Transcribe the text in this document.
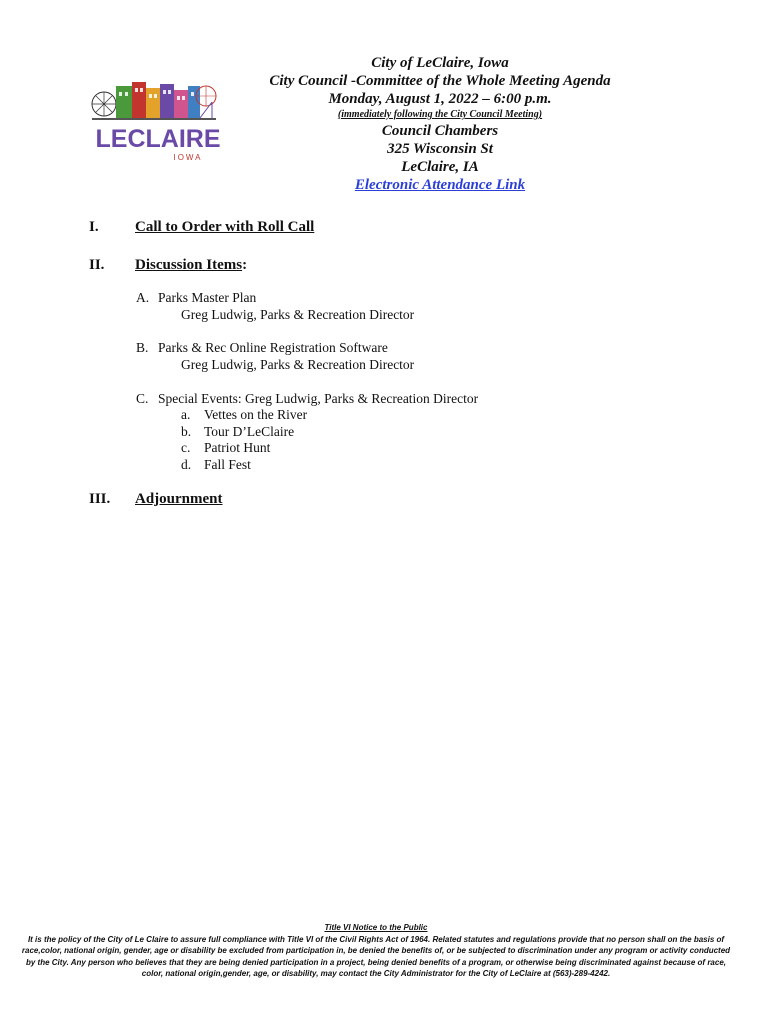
LECLAIRE
IOWA
City of LeClaire, Iowa
City Council -Committee of the Whole Meeting Agenda
Monday, August 1, 2022 – 6:00 p.m.
(immediately following the City Council Meeting)
Council Chambers
325 Wisconsin St
LeClaire, IA
Electronic Attendance Link
I. Call to Order with Roll Call
II. Discussion Items:
A. Parks Master Plan
Greg Ludwig, Parks & Recreation Director
B. Parks & Rec Online Registration Software
Greg Ludwig, Parks & Recreation Director
C. Special Events: Greg Ludwig, Parks & Recreation Director
a. Vettes on the River
b. Tour D’LeClaire
c. Patriot Hunt
d. Fall Fest
III. Adjournment
Title VI Notice to the Public
It is the policy of the City of Le Claire to assure full compliance with Title VI of the Civil Rights Act of 1964. Related statutes and regulations provide that no person shall on the basis of race,color, national origin, gender, age or disability be excluded from participation in, be denied the benefits of, or be subjected to discrimination under any program or activity conducted by the City. Any person who believes that they are being denied participation in a project, being denied benefits of a program, or otherwise being discriminated against because of race, color, national origin,gender, age, or disability, may contact the City Administrator for the City of LeClaire at (563)-289-4242.
